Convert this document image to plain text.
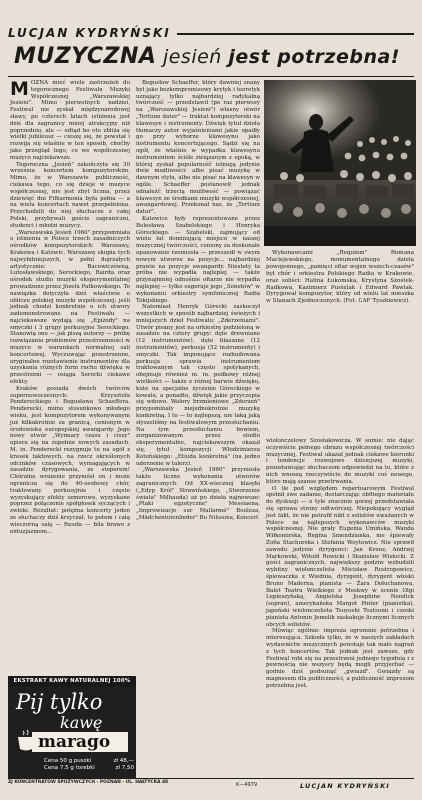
LUCJAN KYDRYŃSKI
MUZYCZNA jesień jest potrzebna!
M OŻNA mieć wiele zastrzeżeń do tegorocznego Festiwalu Muzyki Współczesnej „Warszawskiej Jesieni". Mimo pierwotnych nadziei, Festiwal nie zyskał międzynarodowej sławy, po czterech latach istnienia jest dziś dla zagranicy mniej atrakcyjny niż poprzednio, ale — odtąd bo oto zbliża się wielki jubileusz — cieszę się, że powstał i rozwija się właśnie w ten sposób, choćby jako przegląd tego, co we współczesnej muzyce najciekawsze.

Tegoroczna „Jesień" zakończyła się 30 września koncertem kompozytorskim. Mimo, że w Warszawie publiczność, ciekawa tego, co się dzieje w muzyce współczesnej, nie jest zbyt liczna, przez dziewięć dni Filharmonia była pełna — a na wielu koncertach nawet przepełniona. Przychodzili do niej słuchacze z całej Polski, przybywali goście zagraniczni, studenci i młodzi muzycy.

„Warszawska Jesień 1960" przypomniała o istnieniu w Polsce trzech zasadniczych ośrodków kompozytorskich: Warszawy, Krakowa i Katowic. Warszawę skupia tych najwybitniejszych, w pełni dojrzałych artystycznie: Bacewiczówną, Lutosławskiego, Serockiego, Bairda oraz ośrodek studio muzyki eksperymentalnej prowadzone przez Józefa Patkowskiego. To nawiązka dotyczyła dziś właściwie o obliczu polskiej muzyki współczesnej; jeśli jednak chodzi konkretnie o ich utwory zademonstrowane na Festiwalu — najciekawsze wydają się „Epizody" na smyczki i 3 grupy perkusyjne Serockiego. Stanowią one — jak piszą autorzy — próbę rozwiązania problemów przestrzenności w muzyce w warunkach normalnej sali koncertowej. Wyczuwając przestrzenne, oryginalne rozstawienie instrumentów dla uzyskania różnych form ruchu dźwięku w przestrzeni — osiąga Serocki ciekawe efekty.

Kraków posiada dwóch twórców supernowoczesnych: Krzysztofa Pendereckiego i Bogusława Schaeffera. Penderecki, mimo stosunkowo młodego wieku, jest kompozytorem wykonywanym już kilkakrotnie za granicą, cenionym w środowisku europejskiej awangardy. Jego nowy utwór „Wymiary czasu i ciszy" opiera się na zupełnie nowych zasadach. M. in. Penderecki rezygnuje tu na ogół z kresek taktowych, na rzecz określonych odcinków czasowych, wymagających w zasadzie dyrygowania, ze stoperem! Chóralne wrażenie przyniósł on i może ogranicza się do 40-osobowy chór, traktowany perkusyjnie i często wyzyskujący efekty szmerowe, wyzyskane poprzez połączenie spółgłosek syczących i zwłoki. Rezultat: potężna koncerty jeden ze słuchaczy dziś krzyczał, to potem i całą wieczorną salę — Reszła — bila brawo z entuzjazmem...

Bogusław Schaeffer, który dawniej znany był jako bezkompromisowy krytyk i teoretyk uznający tylko najbardziej radykalną twórczość — przedstawił (po raz pierwszy na „Warszawskiej Jesieni") własny utwór „Tertium datur" — traktat kompozytorski na klawesyn i instrumenty. Dźwięk tytuł dzieła tłumaczy autor wyjaśnieniami jakie opadły go przy wyborze klawesynu jako instrumentu koncertującego. Sądzi się na ogół, że właśnie w wypadku klawesynu instrumentem ściśle związanym z epoką, w której zyskał popularność istnieją jedynie dwie możliwości: albo pisać muzykę w dawnym stylu, albo nie pisać na klawesyn w ogóle. Schaeffer postanowił jednak odnaleźć trzecią możliwość — powiązać klawesyn ze środkami muzyki współczesnej, awangardowej. Przekonał nas, że „Tertium datur".

Katowice były reprezentowane przez Bolesława Szabelskiego i Henryka Góreckiego. — Szabelski, zajmujący od wielu lat dominującą miejsce w naszej muzycznej twórczości, ceniony za doskonałe opanowanie rzemiosła — przeszedł w swym nowym utworze na pozycje... najbardziej prawie na pozycje awangardy. Niestety ta próba nie wypadła najlepiej — także przynajmniej odnośnie ołtarze nie wypadła najlepiej — tylko sugeruje jego „Sonetów" w wykonaniu orkiestry symfonicznej Radia Tokijskiego.

Natomiast Henryk Górecki zaskoczył wszystkich w sposób najbardziej świeżych i mniejszych dzieł Festiwalu: „Zderzeniami". Utwór pisany jest na orkiestrę podzieloną w zasadzie na cztery grupy: dęte drewniane (12 instrumentów), dęte blaszane (12 instrumentów), perkusja (52 instrumenty) i smyczki. Tak imponujące rozbudowana perkusja sprawia instrumentom traktowanym tak często spotykanych, obejmuje również m. in. podkowy różnej wielkości — także z różnej barwie dźwięku, kute na specjalne życzenie Góreckiego w kowalu, a ponadto, dźwięk jakie przyczepia się wdowo. Walory brzmieniowe „Zderzeń" przypominały niejednokrotnie muzykę konkretną. I to — to najlepszą, nie taką jaką słyszeliśmy na festiwalowym przesłuchaniu. Na tym przesłuchaniu bowiem, zorganizowanym przez studio eksperymentalne, najciekawszym okazał się, tytuł kompozycji Włodzimierza Kotońskiego: „Etiuda konkretna" (na jedno uderzenie w talerz).

„Warszawska Jesień 1960" przyniosła także liczne wykonania utworów zagranicznych. Od XX-wiecznej klasyki („Edyp Król" Strawińskiego, „Stworzenie świata" Milhauda) aż po dzieła najnowsze: „Ptaki egzotyczne" Messiaena, „Improwizacje sur Mallarmé" Bouleza, „Mädchentotenlieder" Bo Nilssona, Koncert

Wykonawcami „Requiem" Romana Maciejewskiego, monumentalnego dzieła powojennego, „pamięci ofiar wojen wszech-czasów" był chór i orkiestra Polskiego Radia w Krakowie, oraz soliści: Halina Łukomska, Krystyna Szostek-Radkowa, Kazimierz Pustelak i Edward Pawlak. Dyrygował kompozytor, który od wielu lat mieszka w Stanach Zjednoczonych. (Fot. CAF Tyszkiewicz).

wiolonczelowy Szostakowicza. W sumie: nie dając oczywiście pełnego obrazu współczesnej twórczości muzycznej, Festiwal ukazał jednak ciekawe kierunki i tendencje rozwojowe dzisiejszej muzyki, pozostawiając słuchaczom odpowiedzi na to, które z nich wnoszą rzeczywiście do muzyki coś nowego, które mają szanse przetrwania.

O ile pod względem repertuarowym Festiwal spełnił swe zadanie, dostarczając obfitego materiału do dyskusji — o tyle znacznie gorzej przedstawiała się sprawa strony odtwórczej. Niepokojący wygląd jest fakt, że nie potrafił nikt z solistów uważanych w Polsce za najlepszych wykonawców muzyki współczesnej. Nie grały Eugenia Umińska, Wanda Wiłkomirska, Regina Smendzianka, nie śpiewały Zofia Stachurska i Stefania Woytowicz. Nie sprawił zawodu jedynie dyrygenci: Jan Krenz, Andrzej Markowski, Witold Rowicki i Stanisław Wisłocki. Z gości zagranicznych, największy podziw wzbudzili wybitny wiolonczelista Mścisław Rostropowicz, śpiewaczka z Wiednia, dyrygent, dyrygent włoski Bruno Maderna, pianista — Żara Dołuchanowa, Balet Teatru Wielkiego z Moskwy w scenie Olgi Lepieszyńską, Angielska Josephine Nendick (sopran), amerykańska Margot Pinter (pianistka), japoński wiolonczelista Tsuyoshi Tsutsumi i czeski pianista Antonín Jemelík zaskakuje licznymi licznych obcych solistów.

Mówiąc ogólnie: impreza ogromnie potrzebna i interesująca. Szkoda tylko, że w naszych zakładach wydawnictw muzycznych powstaje tak mało nagrań z tych koncertów. Tak jednak jest zawsze, gdy Festiwal robi się na przestrzeni jednego tygodnia i z pewnością nie wszyscy będą mogli przyjechać — godnie dziś podsunąć „gwiazd". Gwiazdy są magnesem dla publiczności, a publiczność imprezom potrzebna jest.

EKSTRAKT KAWY NATURALNEJ 100%
Pij tylko
kawę
marago
Cena 50 g puszki	zł 48,—
Cena 7,5 g torebki	zł 7,50
ZJ KONCENTRATÓW SPOŻYWCZYCH - POZNAŃ - UL. HAŁTYCKA 48	K—4979	LUCJAN KYDRYŃSKI
